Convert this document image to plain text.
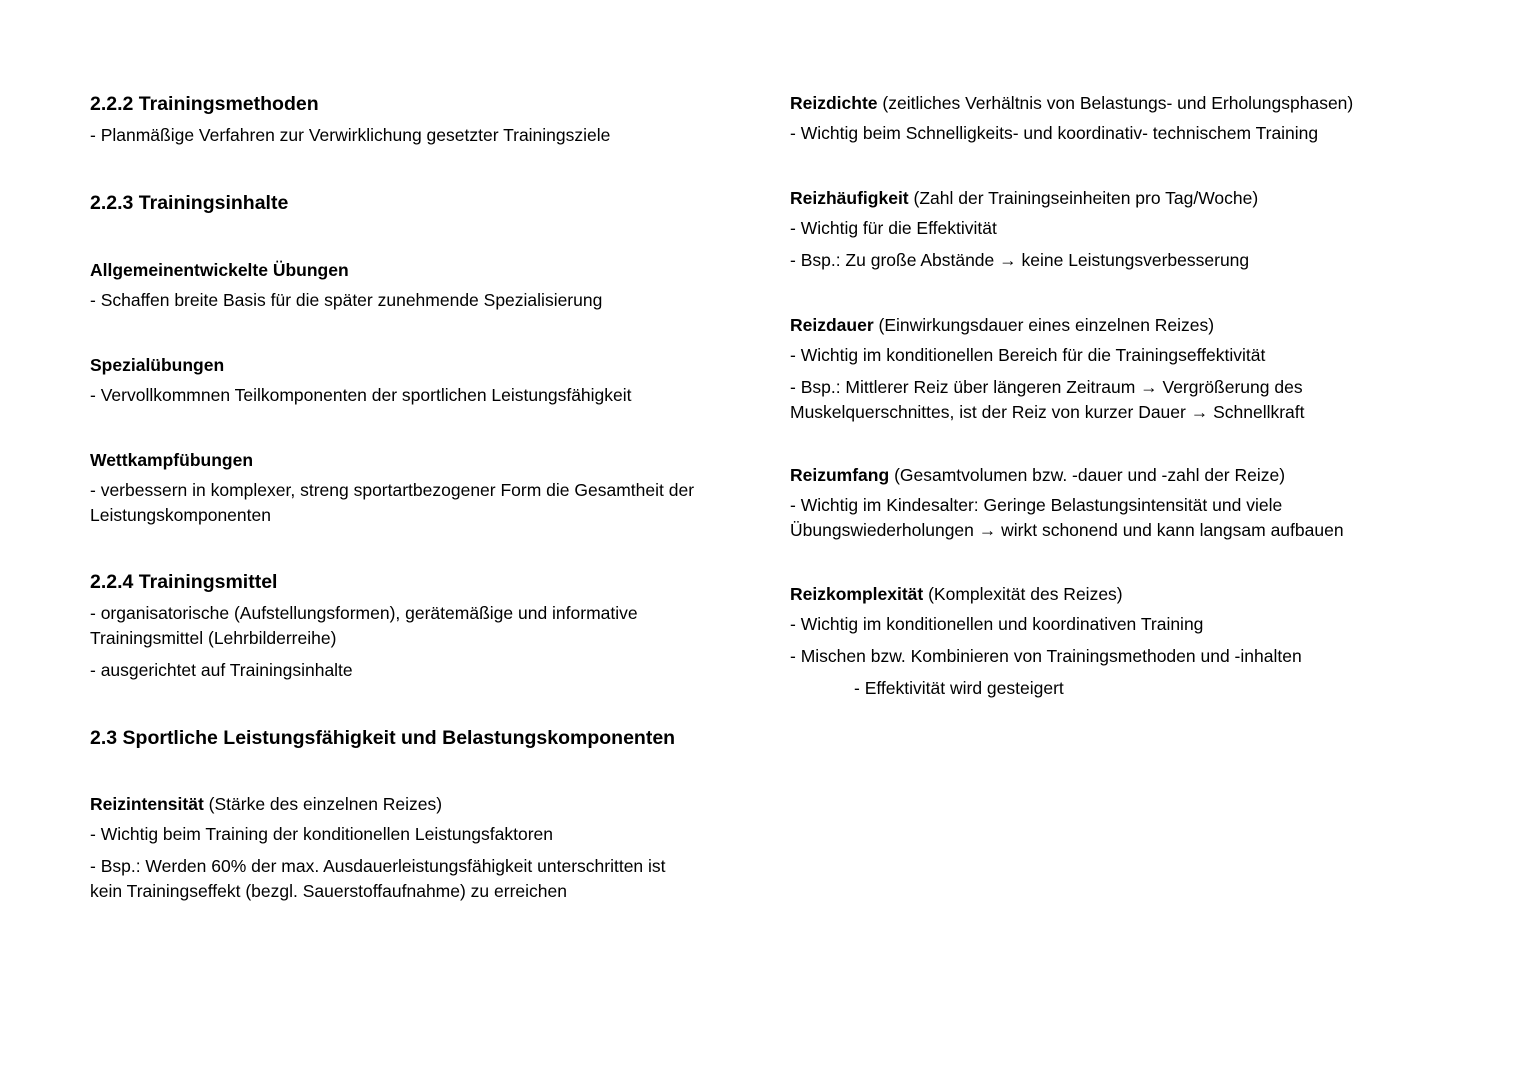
2.2.2 Trainingsmethoden
- Planmäßige Verfahren zur Verwirklichung gesetzter Trainingsziele
2.2.3 Trainingsinhalte
Allgemeinentwickelte Übungen
- Schaffen breite Basis für die später zunehmende Spezialisierung
Spezialübungen
- Vervollkommnen Teilkomponenten der sportlichen Leistungsfähigkeit
Wettkampfübungen
- verbessern in komplexer, streng sportartbezogener Form die Gesamtheit der
Leistungskomponenten
2.2.4 Trainingsmittel
- organisatorische (Aufstellungsformen), gerätemäßige und informative
Trainingsmittel (Lehrbilderreihe)
- ausgerichtet auf Trainingsinhalte
2.3 Sportliche Leistungsfähigkeit und Belastungskomponenten
Reizintensität (Stärke des einzelnen Reizes)
- Wichtig beim Training der konditionellen Leistungsfaktoren
- Bsp.: Werden 60% der max. Ausdauerleistungsfähigkeit unterschritten ist
kein Trainingseffekt (bezgl. Sauerstoffaufnahme) zu erreichen
Reizdichte (zeitliches Verhältnis von Belastungs- und Erholungsphasen)
- Wichtig beim Schnelligkeits- und koordinativ- technischem Training
Reizhäufigkeit (Zahl der Trainingseinheiten pro Tag/Woche)
- Wichtig für die Effektivität
- Bsp.: Zu große Abstände → keine Leistungsverbesserung
Reizdauer (Einwirkungsdauer eines einzelnen Reizes)
- Wichtig im konditionellen Bereich für die Trainingseffektivität
- Bsp.: Mittlerer Reiz über längeren Zeitraum → Vergrößerung des
Muskelquerschnittes, ist der Reiz von kurzer Dauer → Schnellkraft
Reizumfang (Gesamtvolumen bzw. -dauer und -zahl der Reize)
- Wichtig im Kindesalter: Geringe Belastungsintensität und viele
Übungswiederholungen → wirkt schonend und kann langsam aufbauen
Reizkomplexität (Komplexität des Reizes)
- Wichtig im konditionellen und koordinativen Training
- Mischen bzw. Kombinieren von Trainingsmethoden und -inhalten
- Effektivität wird gesteigert
